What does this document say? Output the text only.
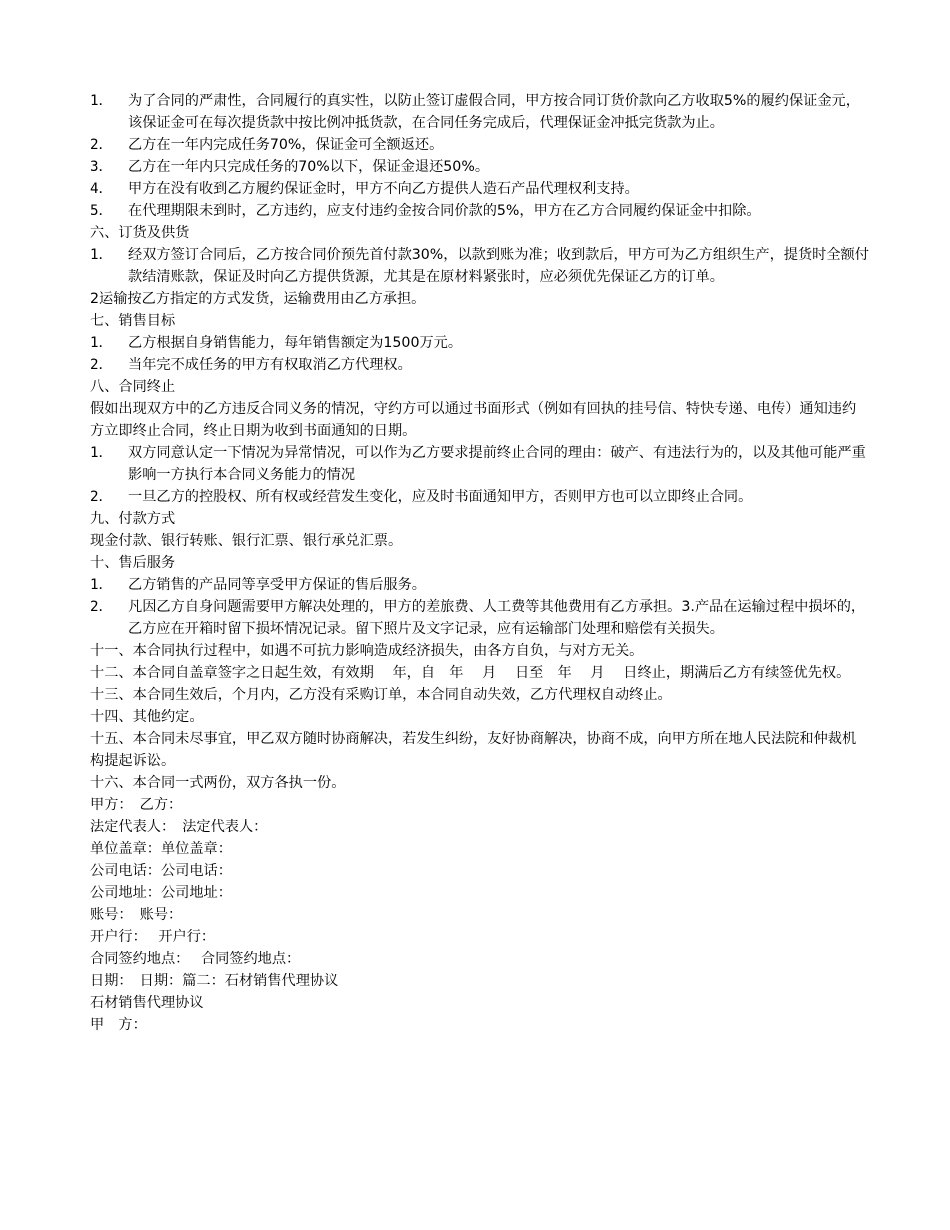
1．	为了合同的严肃性，合同履行的真实性，以防止签订虚假合同，甲方按合同订货价款向乙方收取5%的履约保证金元，该保证金可在每次提货款中按比例冲抵货款，在合同任务完成后，代理保证金冲抵完货款为止。
2．	乙方在一年内完成任务70%，保证金可全额返还。
3．	乙方在一年内只完成任务的70%以下，保证金退还50%。
4．	甲方在没有收到乙方履约保证金时，甲方不向乙方提供人造石产品代理权利支持。
5．	在代理期限未到时，乙方违约，应支付违约金按合同价款的5%，甲方在乙方合同履约保证金中扣除。
六、订货及供货
1．	经双方签订合同后，乙方按合同价预先首付款30%，以款到账为准；收到款后，甲方可为乙方组织生产，提货时全额付款结清账款，保证及时向乙方提供货源，尤其是在原材料紧张时，应必须优先保证乙方的订单。
2运输按乙方指定的方式发货，运输费用由乙方承担。
七、销售目标
1．	乙方根据自身销售能力，每年销售额定为1500万元。
2．	当年完不成任务的甲方有权取消乙方代理权。
八、合同终止
假如出现双方中的乙方违反合同义务的情况，守约方可以通过书面形式（例如有回执的挂号信、特快专递、电传）通知违约方立即终止合同，终止日期为收到书面通知的日期。
1．	双方同意认定一下情况为异常情况，可以作为乙方要求提前终止合同的理由：破产、有违法行为的，以及其他可能严重影响一方执行本合同义务能力的情况
2．	一旦乙方的控股权、所有权或经营发生变化，应及时书面通知甲方，否则甲方也可以立即终止合同。
九、付款方式
现金付款、银行转账、银行汇票、银行承兑汇票。
十、售后服务
1．	乙方销售的产品同等享受甲方保证的售后服务。
2．	凡因乙方自身问题需要甲方解决处理的，甲方的差旅费、人工费等其他费用有乙方承担。3.产品在运输过程中损坏的，乙方应在开箱时留下损坏情况记录。留下照片及文字记录，应有运输部门处理和赔偿有关损失。
十一、本合同执行过程中，如遇不可抗力影响造成经济损失，由各方自负，与对方无关。
十二、本合同自盖章签字之日起生效，有效期　 年，自　年　 月　 日至　年　 月　 日终止，期满后乙方有续签优先权。
十三、本合同生效后，个月内，乙方没有采购订单，本合同自动失效，乙方代理权自动终止。
十四、其他约定。
十五、本合同未尽事宜，甲乙双方随时协商解决，若发生纠纷，友好协商解决，协商不成，向甲方所在地人民法院和仲裁机构提起诉讼。
十六、本合同一式两份，双方各执一份。
甲方：　乙方：
法定代表人：　法定代表人：
单位盖章：单位盖章：
公司电话：公司电话：
公司地址：公司地址：
账号：　账号：
开户行：　 开户行：
合同签约地点：　 合同签约地点：
日期：　日期：篇二：石材销售代理协议
石材销售代理协议
甲　方：
